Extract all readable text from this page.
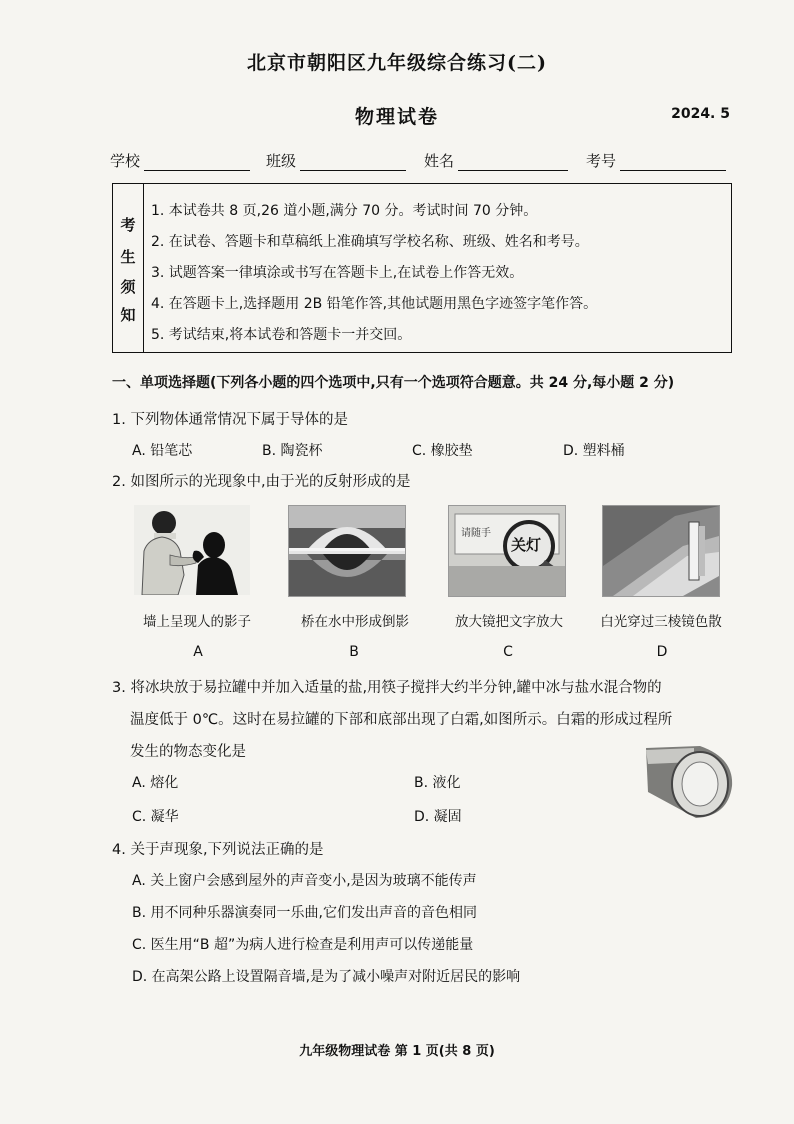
北京市朝阳区九年级综合练习(二)
物理试卷	2024. 5
学校	班级	姓名	考号
考
生
须
知
1. 本试卷共 8 页,26 道小题,满分 70 分。考试时间 70 分钟。
2. 在试卷、答题卡和草稿纸上准确填写学校名称、班级、姓名和考号。
3. 试题答案一律填涂或书写在答题卡上,在试卷上作答无效。
4. 在答题卡上,选择题用 2B 铅笔作答,其他试题用黑色字迹签字笔作答。
5. 考试结束,将本试卷和答题卡一并交回。
一、单项选择题(下列各小题的四个选项中,只有一个选项符合题意。共 24 分,每小题 2 分)
1. 下列物体通常情况下属于导体的是
A. 铅笔芯	B. 陶瓷杯	C. 橡胶垫	D. 塑料桶
2. 如图所示的光现象中,由于光的反射形成的是
请随手
关灯
墙上呈现人的影子	桥在水中形成倒影	放大镜把文字放大	白光穿过三棱镜色散
A	B	C	D
3. 将冰块放于易拉罐中并加入适量的盐,用筷子搅拌大约半分钟,罐中冰与盐水混合物的
温度低于 0℃。这时在易拉罐的下部和底部出现了白霜,如图所示。白霜的形成过程所
发生的物态变化是
A. 熔化	B. 液化
C. 凝华	D. 凝固
4. 关于声现象,下列说法正确的是
A. 关上窗户会感到屋外的声音变小,是因为玻璃不能传声
B. 用不同种乐器演奏同一乐曲,它们发出声音的音色相同
C. 医生用“B 超”为病人进行检查是利用声可以传递能量
D. 在高架公路上设置隔音墙,是为了减小噪声对附近居民的影响
九年级物理试卷 第 1 页(共 8 页)
